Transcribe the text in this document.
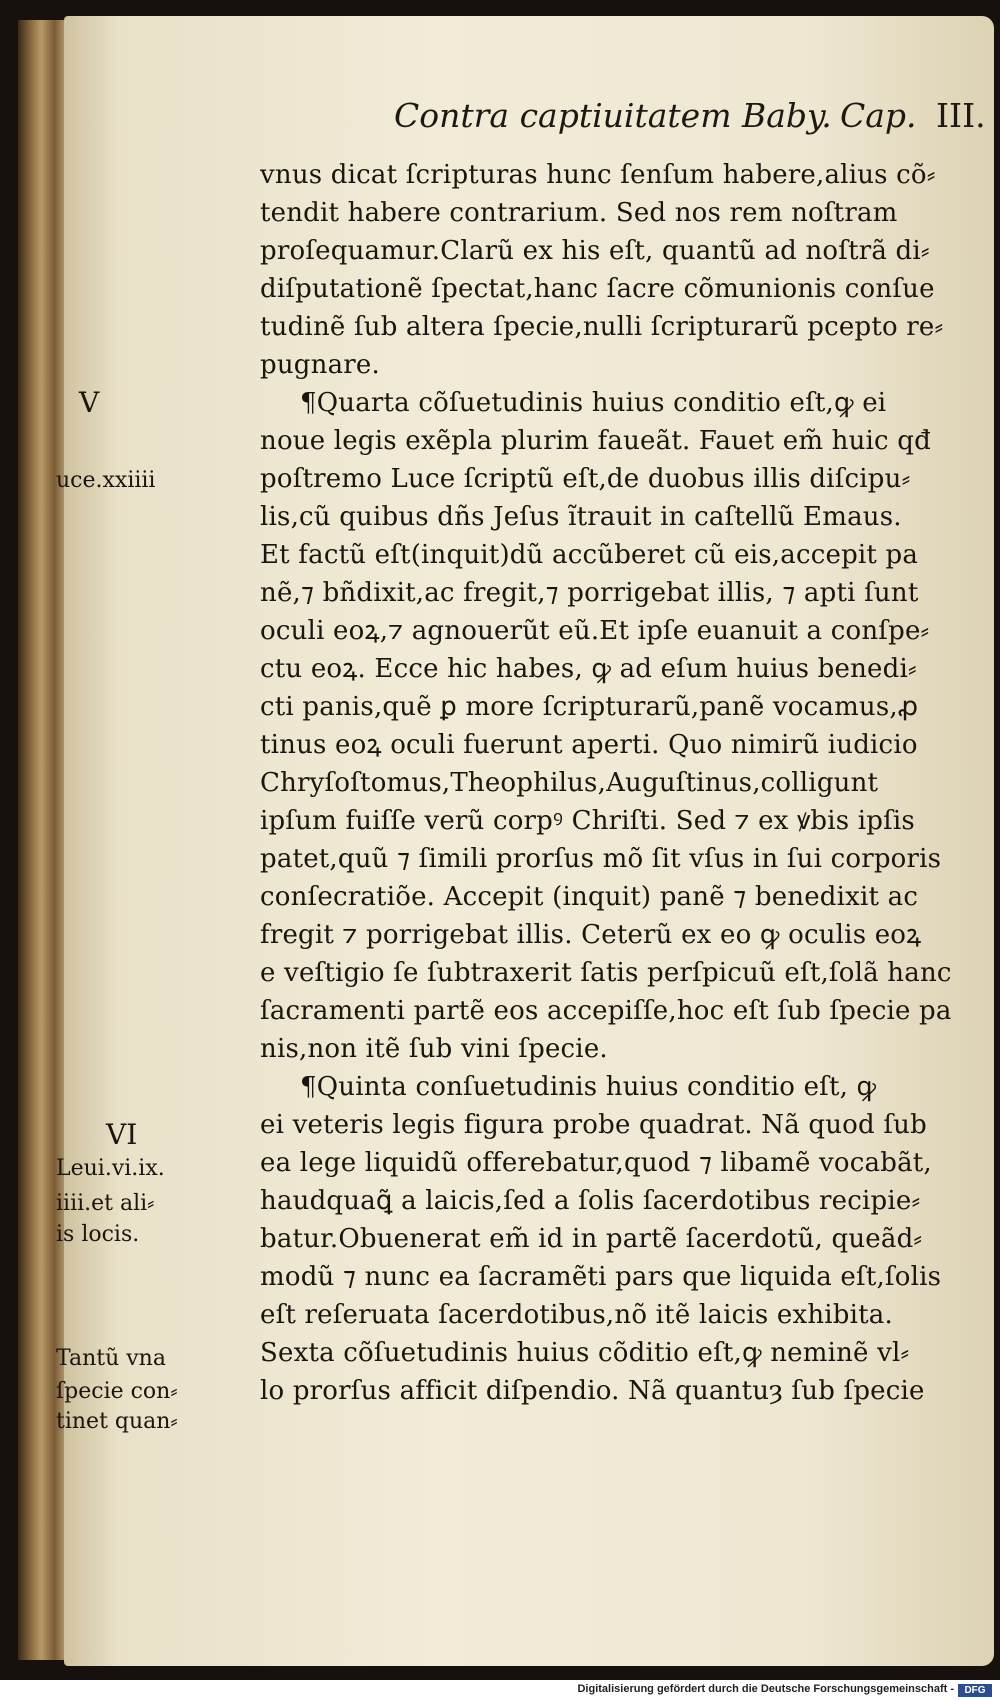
Contra captiuitatem Baby. Cap. III.
vnus dicat ſcripturas hunc ſenſum habere,alius cõ⸗
tendit habere contrarium. Sed nos rem noſtram
proſequamur.Clarũ ex his eſt, quantũ ad noſtrã di⸗
diſputationẽ ſpectat,hanc ſacre cõmunionis conſue
tudinẽ ſub altera ſpecie,nulli ſcripturarũ pcepto re⸗
pugnare.
¶Quarta cõſuetudinis huius conditio eſt,ꝙ ei
noue legis exẽpla plurim faueãt. Fauet em̃ huic qđ
poſtremo Luce ſcriptũ eſt,de duobus illis diſcipu⸗
lis,cũ quibus dñs Jeſus ĩtrauit in caſtellũ Emaus.
Et factũ eſt(inquit)dũ accũberet cũ eis,accepit pa
nẽ,⁊ bñdixit,ac fregit,⁊ porrigebat illis, ⁊ apti ſunt
oculi eoꝝ,⁊ agnouerũt eũ.Et ipſe euanuit a conſpe⸗
ctu eoꝝ. Ecce hic habes, ꝙ ad eſum huius benedi⸗
cti panis,quẽ ꝑ more ſcripturarũ,panẽ vocamus,ꝓ
tinus eoꝝ oculi fuerunt aperti. Quo nimirũ iudicio
Chryſoſtomus,Theophilus,Auguſtinus,colligunt
ipſum fuiſſe verũ corpꝰ Chriſti. Sed ⁊ ex ꝟbis ipſis
patet,quũ ⁊ ſimili prorſus mõ ſit vſus in ſui corporis
conſecratiõe. Accepit (inquit) panẽ ⁊ benedixit ac
fregit ⁊ porrigebat illis. Ceterũ ex eo ꝙ oculis eoꝝ
e veſtigio ſe ſubtraxerit ſatis perſpicuũ eſt,ſolã hanc
ſacramenti partẽ eos accepiſſe,hoc eſt ſub ſpecie pa
nis,non itẽ ſub vini ſpecie.
¶Quinta conſuetudinis huius conditio eſt, ꝙ
ei veteris legis figura probe quadrat. Nã quod ſub
ea lege liquidũ offerebatur,quod ⁊ libamẽ vocabãt,
haudquaꝗ̃ a laicis,ſed a ſolis ſacerdotibus recipie⸗
batur.Obuenerat em̃ id in partẽ ſacerdotũ, queãd⸗
modũ ⁊ nunc ea ſacramẽti pars que liquida eſt,ſolis
eſt reſeruata ſacerdotibus,nõ itẽ laicis exhibita.
Sexta cõſuetudinis huius cõditio eſt,ꝙ neminẽ vl⸗
lo prorſus afficit diſpendio. Nã quantuȝ ſub ſpecie
V
uce.xxiiii
VI
Leui.vi.ix.
iiii.et ali⸗
is locis.
Tantũ vna
ſpecie con⸗
tinet quan⸗
Digitalisierung gefördert durch die Deutsche Forschungsgemeinschaft -	DFG
